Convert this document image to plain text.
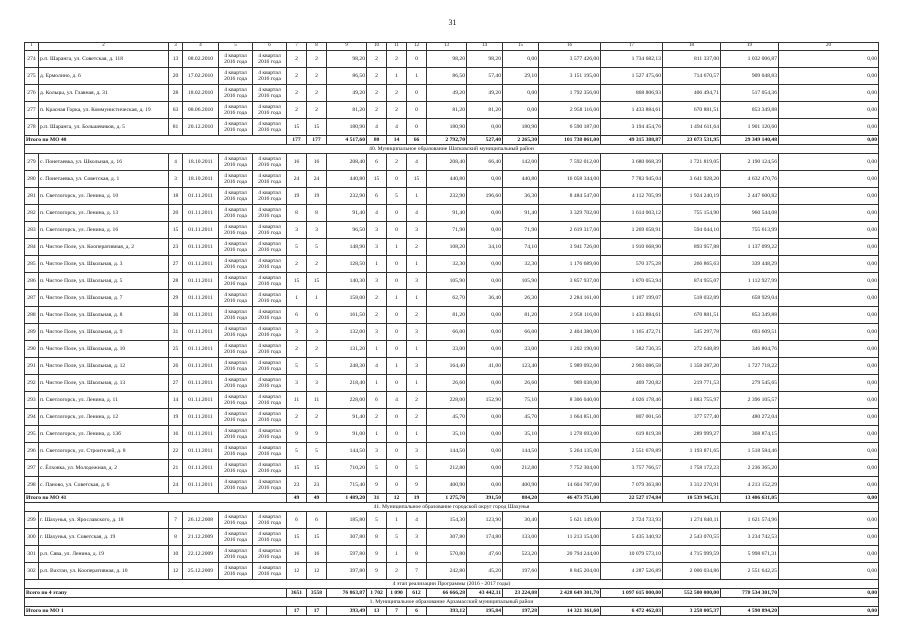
31
1	2	3	4	5	6	7	8	9	10	11	12	13	14	15	16	17	18	19	20
274	р.п. Шаранга, ул. Советская, д. 118	13	08.02.2010	4 квартал 2016 года	4 квартал 2016 года	2	2	98,20	2	2	0	98,20	98,20	0,00	3 577 426,00	1 734 682,13	811 337,00	1 032 006,87	0,00
275	д. Ермолино, д. 6	20	17.02.2010	4 квартал 2016 года	4 квартал 2016 года	2	2	86,50	2	1	1	86,50	57,40	29,10	3 151 195,00	1 527 475,60	714 670,57	909 048,83	0,00
276	д. Кольцы, ул. Главная, д. 31	28	18.02.2010	4 квартал 2016 года	4 квартал 2016 года	2	2	49,20	2	2	0	49,20	49,20	0,00	1 792 356,00	868 806,93	406 494,71	517 054,36	0,00
277	п. Красная Горка, ул. Коммунистическая, д. 19	63	08.06.2010	4 квартал 2016 года	4 квартал 2016 года	2	2	81,20	2	2	0	81,20	81,20	0,00	2 958 116,00	1 433 884,61	670 881,51	853 349,88	0,00
278	р.п. Шаранга, ул. Большевиков, д. 5	81	20.12.2010	4 квартал 2016 года	4 квартал 2016 года	15	15	180,90	4	4	0	180,90	0,00	180,90	6 590 187,00	3 194 454,76	1 494 611,64	1 901 120,60	0,00
Итого по МО 40						177	177	4 517,60	80	14	66	2 792,70	527,40	2 265,30	101 738 061,00	49 315 388,87	23 073 531,95	29 349 140,48	0,00
40. Муниципальное образование Шатковский муниципальный район																			
279	с. Понетаевка, ул. Школьная, д. 16	4	18.10.2011	4 квартал 2016 года	4 квартал 2016 года	16	16	208,40	6	2	4	208,40	66,40	142,00	7 592 012,00	3 680 068,39	1 721 819,05	2 190 124,56	0,00
280	с. Понетаевка, ул. Советская, д. 1	3	18.10.2011	4 квартал 2016 года	4 квартал 2016 года	24	24	440,80	15	0	15	440,80	0,00	440,80	16 058 344,00	7 783 945,04	3 641 928,20	4 632 470,76	0,00
281	п. Светлогорск, ул. Ленина, д. 10	18	01.11.2011	4 квартал 2016 года	4 квартал 2016 года	19	19	232,90	6	5	1	232,90	196,60	36,30	8 484 547,00	4 112 705,99	1 924 240,19	2 447 600,82	0,00
282	п. Светлогорск, ул. Ленина, д. 13	20	01.11.2011	4 квартал 2016 года	4 квартал 2016 года	8	8	91,40	4	0	4	91,40	0,00	91,40	3 329 702,00	1 614 003,12	755 154,90	960 544,08	0,00
283	п. Светлогорск, ул. Ленина, д. 16	15	01.11.2011	4 квартал 2016 года	4 квартал 2016 года	3	3	96,50	3	0	3	71,90	0,00	71,90	2 619 317,00	1 269 658,91	594 044,10	755 613,99	0,00
284	п. Чистое Поле, ул. Кооперативная, д. 2	23	01.11.2011	4 квартал 2016 года	4 квартал 2016 года	5	5	148,90	3	1	2	108,20	34,10	74,10	3 941 726,00	1 910 668,90	893 957,88	1 137 099,22	0,00
285	п. Чистое Поле, ул. Школьная, д. 3	27	01.11.2011	4 квартал 2016 года	4 квартал 2016 года	2	2	128,50	1	0	1	32,30	0,00	32,30	1 176 689,00	570 375,28	266 865,63	339 448,29	0,00
286	п. Чистое Поле, ул. Школьная, д. 5	28	01.11.2011	4 квартал 2016 года	4 квартал 2016 года	15	15	140,30	3	0	3	105,90	0,00	105,90	3 857 937,00	1 870 053,94	874 955,07	1 112 927,99	0,00
287	п. Чистое Поле, ул. Школьная, д. 7	29	01.11.2011	4 квартал 2016 года	4 квартал 2016 года	1	1	158,00	2	1	1	62,70	36,40	26,30	2 284 161,00	1 107 199,07	518 032,89	658 929,04	0,00
288	п. Чистое Поле, ул. Школьная, д. 8	30	01.11.2011	4 квартал 2016 года	4 квартал 2016 года	6	6	161,50	2	0	2	81,20	0,00	81,20	2 958 116,00	1 433 884,61	670 881,51	853 349,88	0,00
289	п. Чистое Поле, ул. Школьная, д. 9	31	01.11.2011	4 квартал 2016 года	4 квартал 2016 года	3	3	132,00	3	0	3	66,00	0,00	66,00	2 404 380,00	1 165 472,71	545 297,78	693 609,51	0,00
290	п. Чистое Поле, ул. Школьная, д. 10	25	01.11.2011	4 квартал 2016 года	4 квартал 2016 года	2	2	131,20	1	0	1	33,00	0,00	33,00	1 202 190,00	582 736,35	272 648,89	346 804,76	0,00
291	п. Чистое Поле, ул. Школьная, д. 12	26	01.11.2011	4 квартал 2016 года	4 квартал 2016 года	5	5	248,30	4	1	3	164,40	41,00	123,40	5 989 092,00	2 903 086,58	1 358 287,20	1 727 718,22	0,00
292	п. Чистое Поле, ул. Школьная, д. 13	27	01.11.2011	4 квартал 2016 года	4 квартал 2016 года	3	3	218,40	1	0	1	26,60	0,00	26,60	969 038,00	469 720,82	219 771,53	279 545,65	0,00
293	п. Светлогорск, ул. Ленина, д. 11	14	01.11.2011	4 квартал 2016 года	4 квартал 2016 года	11	11	228,00	6	4	2	228,00	152,90	75,10	8 306 040,00	4 026 178,46	1 883 755,97	2 396 105,57	0,00
294	п. Светлогорск, ул. Ленина, д. 12	19	01.11.2011	4 квартал 2016 года	4 квартал 2016 года	2	2	91,40	2	0	2	45,70	0,00	45,70	1 664 851,00	807 001,56	377 577,40	480 272,04	0,00
295	п. Светлогорск, ул. Ленина, д. 13б	16	01.11.2011	4 квартал 2016 года	4 квартал 2016 года	9	9	91,00	1	0	1	35,10	0,00	35,10	1 278 693,00	619 819,38	289 999,27	368 874,15	0,00
296	п. Светлогорск, ул. Строителей, д. 8	22	01.11.2011	4 квартал 2016 года	4 квартал 2016 года	5	5	144,50	3	0	3	144,50	0,00	144,50	5 264 135,00	2 551 678,89	1 193 871,65	1 518 584,46	0,00
297	с. Ёлховка, ул. Молодежная, д. 2	21	01.11.2011	4 квартал 2016 года	4 квартал 2016 года	15	15	710,20	5	0	5	212,80	0,00	212,80	7 752 304,00	3 757 766,57	1 758 172,23	2 236 365,20	0,00
298	с. Паново, ул. Советская, д. 6	24	01.11.2011	4 квартал 2016 года	4 квартал 2016 года	23	23	715,40	9	0	9	400,90	0,00	400,90	14 604 787,00	7 079 363,80	3 312 270,91	4 213 152,29	0,00
Итого по МО 41						49	49	1 489,20	31	12	19	1 275,70	391,50	884,20	46 473 751,00	22 527 174,84	10 539 945,31	13 406 631,05	0,00
41. Муниципальное образование городской округ город Шахунья																			
299	г. Шахунья, ул. Ярославского, д. 18	7	26.12.2008	4 квартал 2016 года	4 квартал 2016 года	6	6	185,80	5	1	4	154,30	123,90	30,40	5 621 149,00	2 724 733,93	1 274 840,11	1 621 574,96	0,00
300	г. Шахунья, ул. Советская, д. 19	8	21.12.2009	4 квартал 2016 года	4 квартал 2016 года	15	15	307,80	8	5	3	307,80	174,80	133,00	11 213 154,00	5 435 340,92	2 543 070,55	3 234 742,53	0,00
301	р.п. Сява, ул. Ленина, д. 19	10	22.12.2009	4 квартал 2016 года	4 квартал 2016 года	16	16	597,80	9	1	8	570,80	47,60	523,20	20 794 244,00	10 079 573,10	4 715 999,59	5 998 671,31	0,00
302	р.п. Вахтан, ул. Кооперативная, д. 10	12	25.12.2009	4 квартал 2016 года	4 квартал 2016 года	12	12	397,80	9	2	7	242,80	45,20	197,60	8 845 204,00	4 287 526,89	2 006 034,86	2 551 642,25	0,00
4 этап реализации Программы (2016 - 2017 годы)																			
Всего по 4 этапу						3651	3558	76 863,87	1 702	1 090	612	66 666,28	43 442,11	23 224,08	2 428 649 301,70	1 097 615 000,00	552 500 000,00	778 534 301,70	0,00
1. Муниципальное образование Арзамасский муниципальный район																			
Итого по МО 1						17	17	393,49	13	7	6	393,12	195,84	197,28	14 321 361,60	6 472 462,03	3 258 005,37	4 590 894,20	0,00
